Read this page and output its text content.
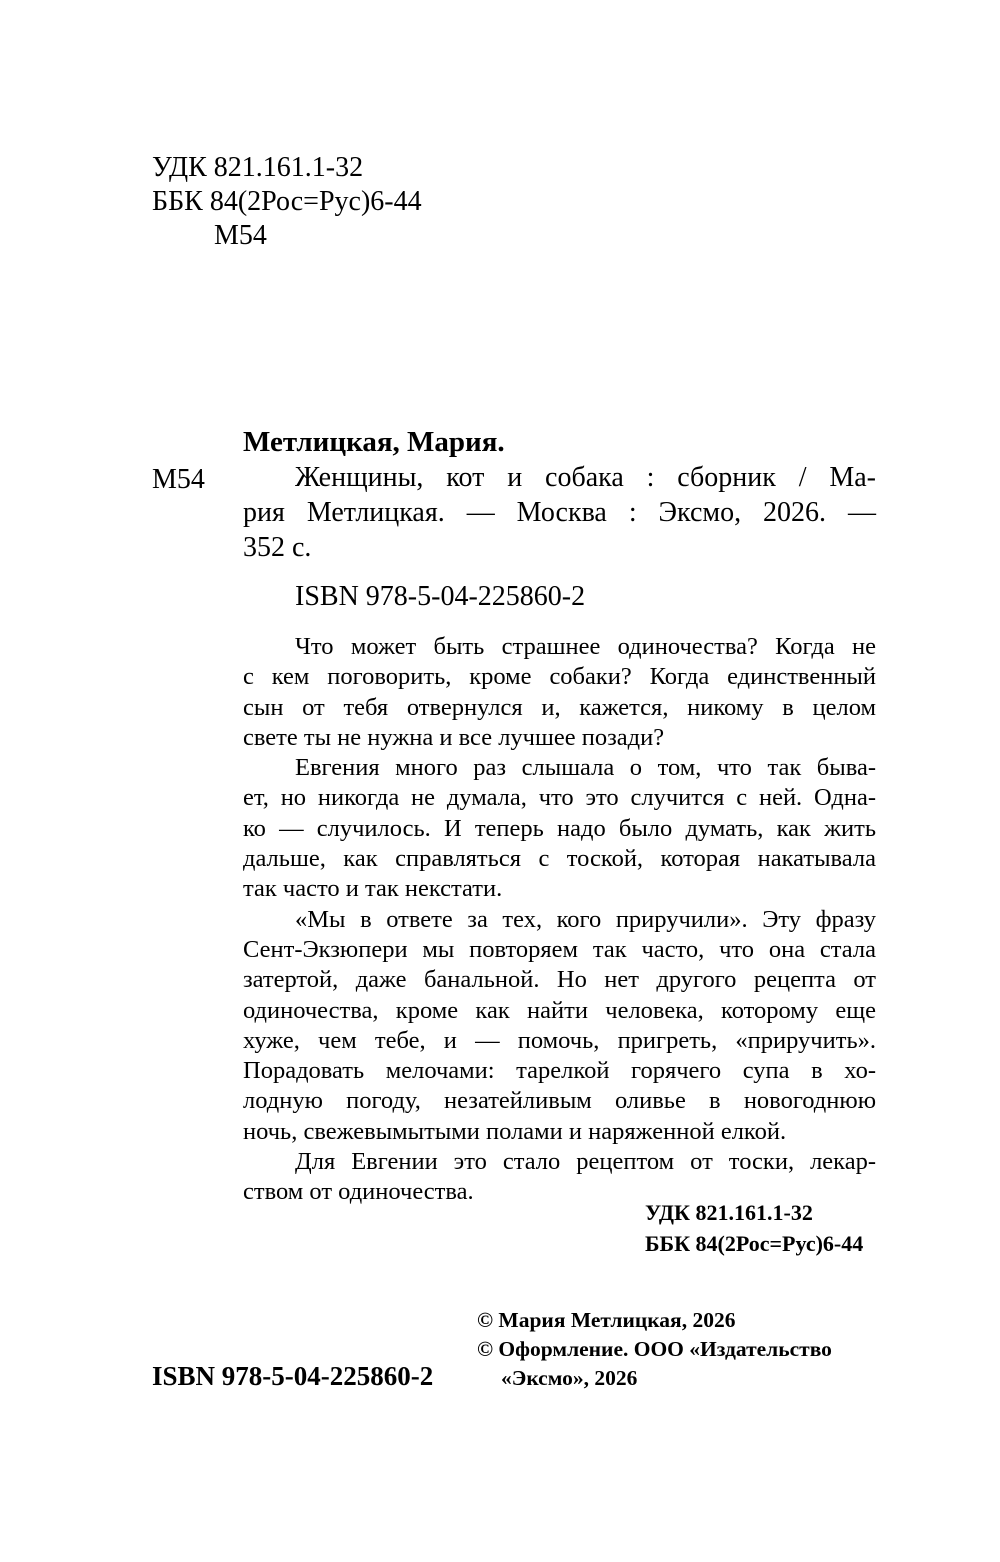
УДК 821.161.1-32
ББК 84(2Рос=Рус)6-44
М54
Метлицкая, Мария.
М54	Женщины, кот и собака : сборник / Ма-
рия Метлицкая. — Москва : Эксмо, 2026. —
352 с.
ISBN 978-5-04-225860-2
Что может быть страшнее одиночества? Когда не
с кем поговорить, кроме собаки? Когда единственный
сын от тебя отвернулся и, кажется, никому в целом
свете ты не нужна и все лучшее позади?
Евгения много раз слышала о том, что так быва-
ет, но никогда не думала, что это случится с ней. Одна-
ко — случилось. И теперь надо было думать, как жить
дальше, как справляться с тоской, которая накатывала
так часто и так некстати.
«Мы в ответе за тех, кого приручили». Эту фразу
Сент-Экзюпери мы повторяем так часто, что она стала
затертой, даже банальной. Но нет другого рецепта от
одиночества, кроме как найти человека, которому еще
хуже, чем тебе, и — помочь, пригреть, «приручить».
Порадовать мелочами: тарелкой горячего супа в хо-
лодную погоду, незатейливым оливье в новогоднюю
ночь, свежевымытыми полами и наряженной елкой.
Для Евгении это стало рецептом от тоски, лекар-
ством от одиночества.
УДК 821.161.1-32
ББК 84(2Рос=Рус)6-44
© Мария Метлицкая, 2026
© Оформление. ООО «Издательство
«Эксмо», 2026
ISBN 978-5-04-225860-2
